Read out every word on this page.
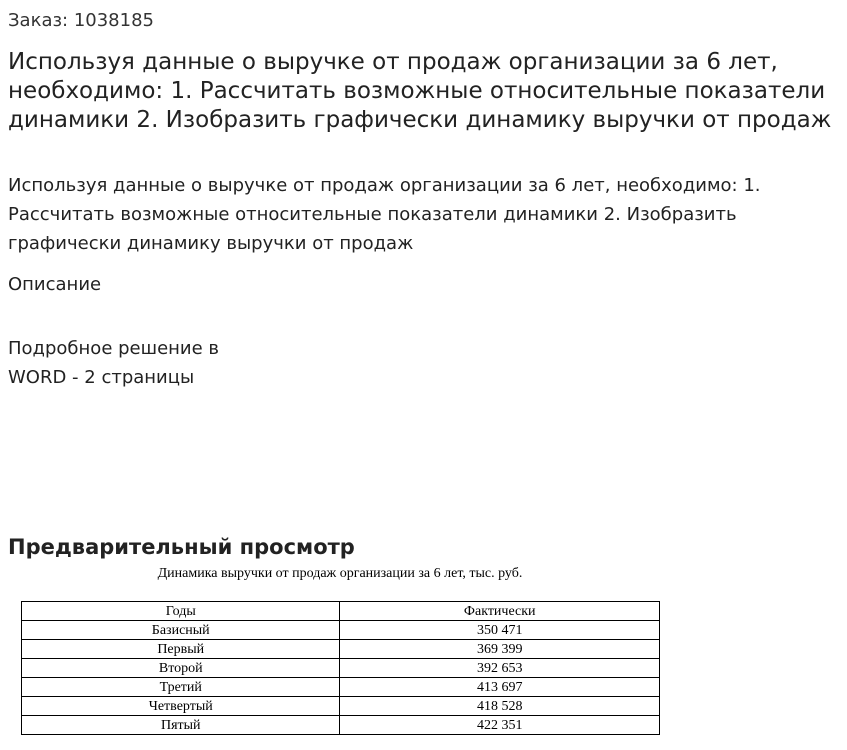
Заказ: 1038185
Используя данные о выручке от продаж организации за 6 лет, необходимо: 1. Рассчитать возможные относительные показатели динамики 2. Изобразить графически динамику выручки от продаж

Используя данные о выручке от продаж организации за 6 лет, необходимо: 1. Рассчитать возможные относительные показатели динамики 2. Изобразить графически динамику выручки от продаж

Описание

Подробное решение в WORD - 2 страницы

Предварительный просмотр
Динамика выручки от продаж организации за 6 лет, тыс. руб.
Годы	Фактически
Базисный	350 471
Первый	369 399
Второй	392 653
Третий	413 697
Четвертый	418 528
Пятый	422 351
